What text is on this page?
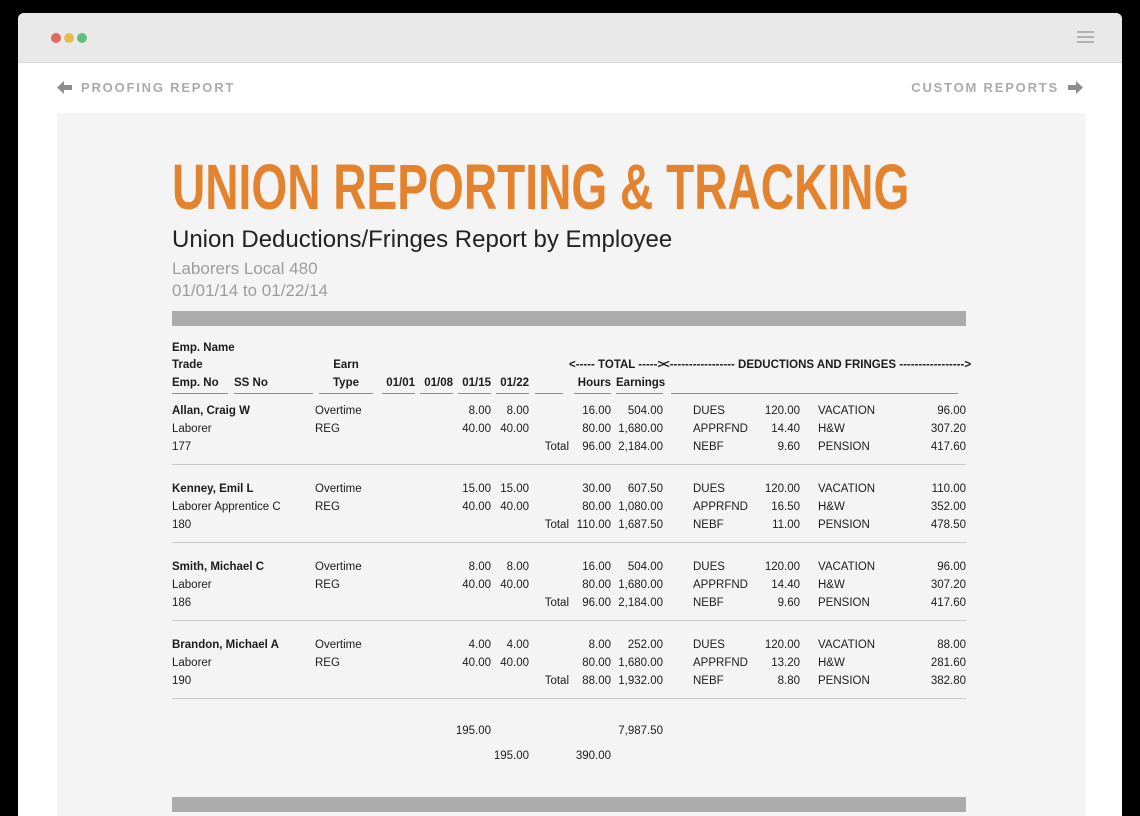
PROOFING REPORT	CUSTOM REPORTS
UNION REPORTING & TRACKING
Union Deductions/Fringes Report by Employee
Laborers Local 480
01/01/14 to 01/22/14
Emp. Name														
Trade	Earn						<----- TOTAL ----->		<----------------- DEDUCTIONS AND FRINGES ----------------->					
Emp. No SS No	Type	01/01	01/08	01/15	01/22		Hours	Earnings						

Allan, Craig W	Overtime			8.00	8.00		16.00	504.00		DUES	120.00		VACATION	96.00
Laborer	REG			40.00	40.00		80.00	1,680.00		APPRFND	14.40		H&W	307.20
177						Total	96.00	2,184.00		NEBF	9.60		PENSION	417.60

Kenney, Emil L	Overtime			15.00	15.00		30.00	607.50		DUES	120.00		VACATION	110.00
Laborer Apprentice C	REG			40.00	40.00		80.00	1,080.00		APPRFND	16.50		H&W	352.00
180						Total	110.00	1,687.50		NEBF	11.00		PENSION	478.50

Smith, Michael C	Overtime			8.00	8.00		16.00	504.00		DUES	120.00		VACATION	96.00
Laborer	REG			40.00	40.00		80.00	1,680.00		APPRFND	14.40		H&W	307.20
186						Total	96.00	2,184.00		NEBF	9.60		PENSION	417.60

Brandon, Michael A	Overtime			4.00	4.00		8.00	252.00		DUES	120.00		VACATION	88.00
Laborer	REG			40.00	40.00		80.00	1,680.00		APPRFND	13.20		H&W	281.60
190						Total	88.00	1,932.00		NEBF	8.80		PENSION	382.80

				195.00				7,987.50						

					195.00		390.00							
